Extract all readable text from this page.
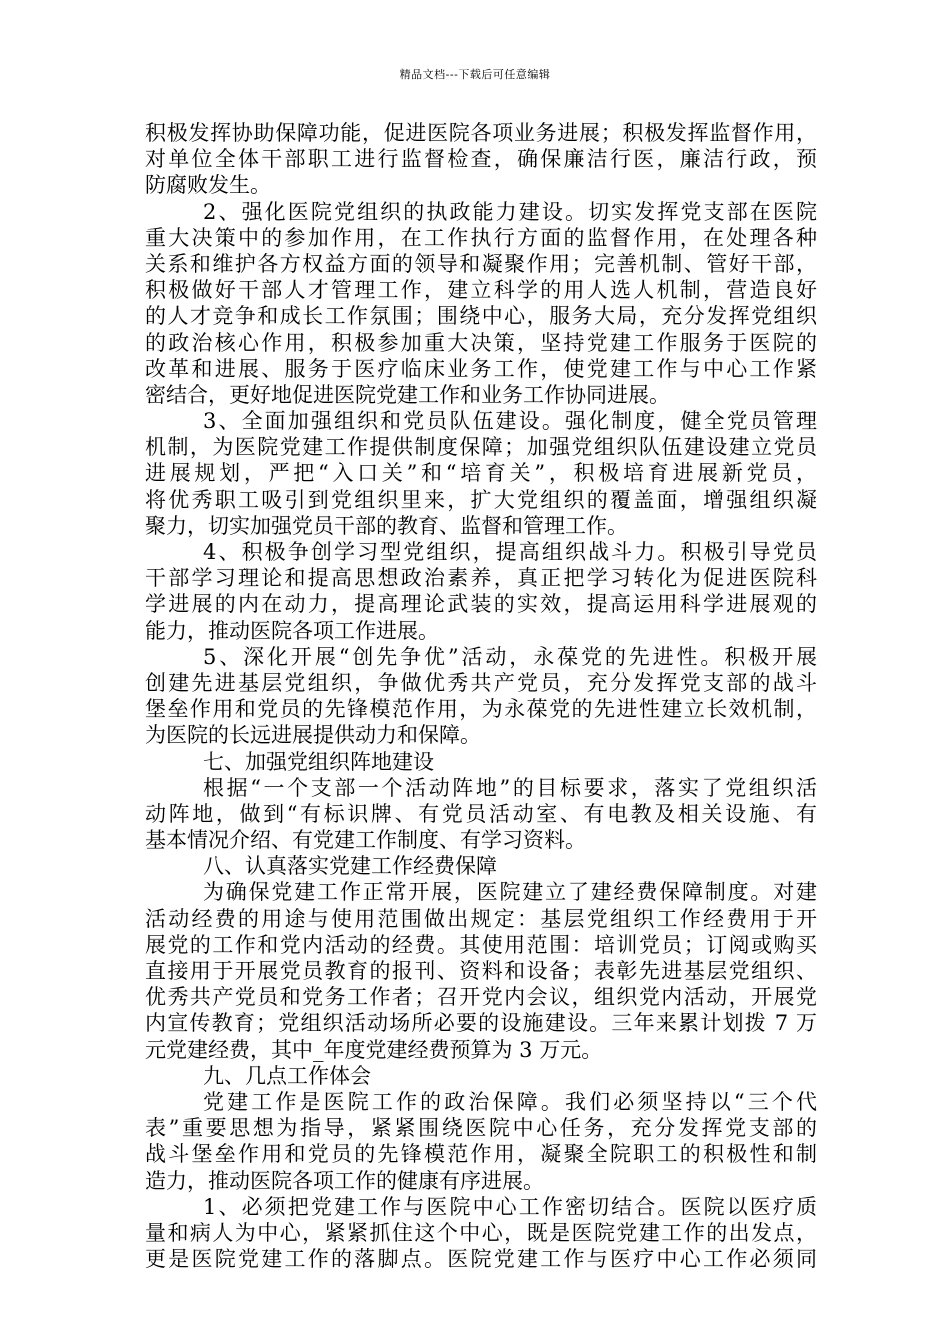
精品文档---下载后可任意编辑
积极发挥协助保障功能，促进医院各项业务进展；积极发挥监督作用，
对单位全体干部职工进行监督检查，确保廉洁行医，廉洁行政，预
防腐败发生。
2、强化医院党组织的执政能力建设。切实发挥党支部在医院
重大决策中的参加作用，在工作执行方面的监督作用，在处理各种
关系和维护各方权益方面的领导和凝聚作用；完善机制、管好干部，
积极做好干部人才管理工作，建立科学的用人选人机制，营造良好
的人才竞争和成长工作氛围；围绕中心，服务大局，充分发挥党组织
的政治核心作用，积极参加重大决策，坚持党建工作服务于医院的
改革和进展、服务于医疗临床业务工作，使党建工作与中心工作紧
密结合，更好地促进医院党建工作和业务工作协同进展。
3、全面加强组织和党员队伍建设。强化制度，健全党员管理
机制，为医院党建工作提供制度保障；加强党组织队伍建设建立党员
进展规划，严把“入口关”和“培育关”，积极培育进展新党员，
将优秀职工吸引到党组织里来，扩大党组织的覆盖面，增强组织凝
聚力，切实加强党员干部的教育、监督和管理工作。
4、积极争创学习型党组织，提高组织战斗力。积极引导党员
干部学习理论和提高思想政治素养，真正把学习转化为促进医院科
学进展的内在动力，提高理论武装的实效，提高运用科学进展观的
能力，推动医院各项工作进展。
5、深化开展“创先争优”活动，永葆党的先进性。积极开展
创建先进基层党组织，争做优秀共产党员，充分发挥党支部的战斗
堡垒作用和党员的先锋模范作用，为永葆党的先进性建立长效机制，
为医院的长远进展提供动力和保障。
七、加强党组织阵地建设
根据“一个支部一个活动阵地”的目标要求，落实了党组织活
动阵地，做到“有标识牌、有党员活动室、有电教及相关设施、有
基本情况介绍、有党建工作制度、有学习资料。
八、认真落实党建工作经费保障
为确保党建工作正常开展，医院建立了建经费保障制度。对建
活动经费的用途与使用范围做出规定：基层党组织工作经费用于开
展党的工作和党内活动的经费。其使用范围：培训党员；订阅或购买
直接用于开展党员教育的报刊、资料和设备；表彰先进基层党组织、
优秀共产党员和党务工作者；召开党内会议，组织党内活动，开展党
内宣传教育；党组织活动场所必要的设施建设。三年来累计划拨 7 万
元党建经费，其中_年度党建经费预算为 3 万元。
九、几点工作体会
党建工作是医院工作的政治保障。我们必须坚持以“三个代
表”重要思想为指导，紧紧围绕医院中心任务，充分发挥党支部的
战斗堡垒作用和党员的先锋模范作用，凝聚全院职工的积极性和制
造力，推动医院各项工作的健康有序进展。
1、必须把党建工作与医院中心工作密切结合。医院以医疗质
量和病人为中心，紧紧抓住这个中心，既是医院党建工作的出发点，
更是医院党建工作的落脚点。医院党建工作与医疗中心工作必须同
